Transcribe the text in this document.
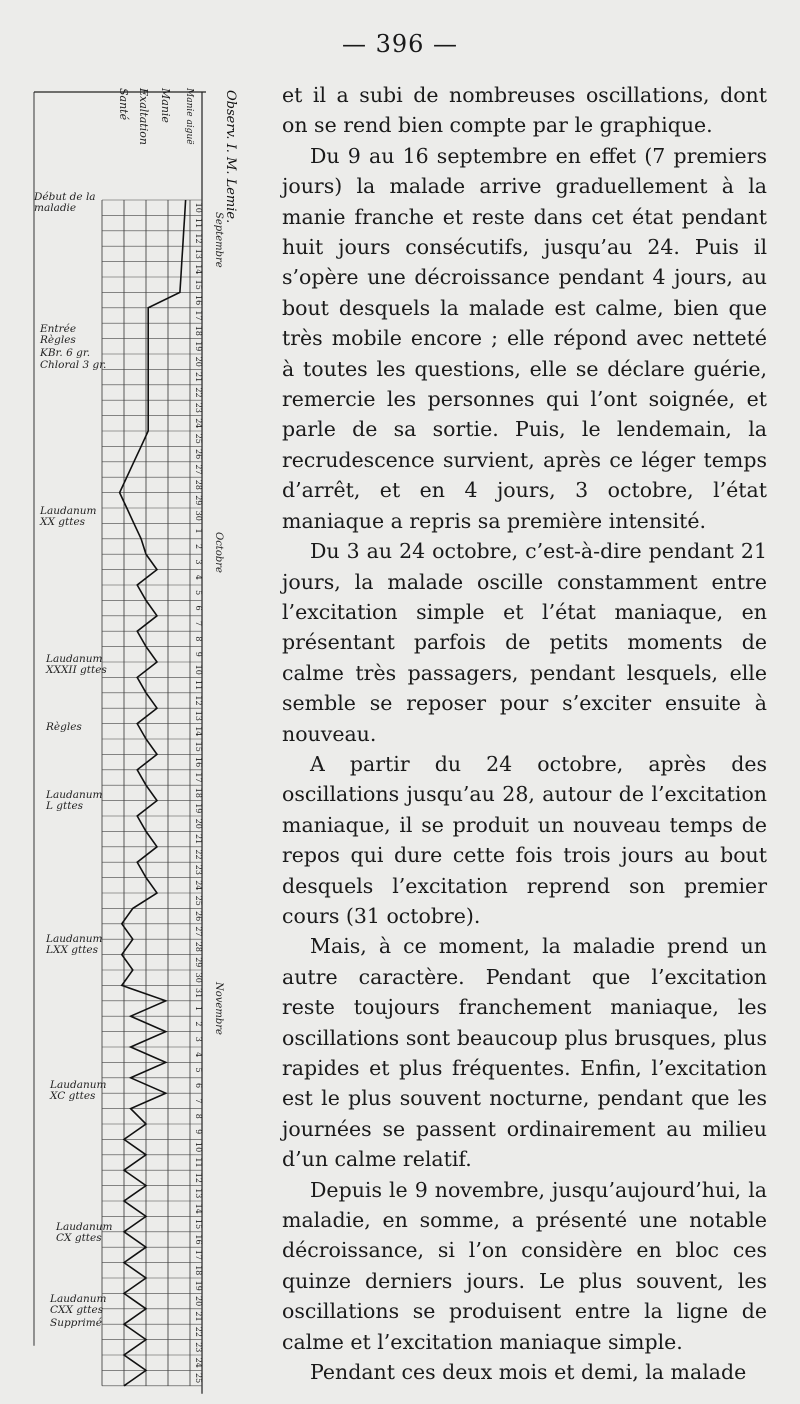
— 396 —

et il a subi de nombreuses oscillations, dont on se rend bien compte par le graphique.

Du 9 au 16 septembre en effet (7 premiers jours) la malade arrive graduellement à la manie franche et reste dans cet état pendant huit jours consécutifs, jusqu’au 24. Puis il s’opère une décroissance pendant 4 jours, au bout desquels la malade est calme, bien que très mobile encore ; elle répond avec netteté à toutes les questions, elle se déclare guérie, remercie les personnes qui l’ont soignée, et parle de sa sortie. Puis, le lendemain, la recrudescence survient, après ce léger temps d’arrêt, et en 4 jours, 3 octobre, l’état maniaque a repris sa première intensité.

Du 3 au 24 octobre, c’est-à-dire pendant 21 jours, la malade oscille constamment entre l’excitation simple et l’état maniaque, en présentant parfois de petits moments de calme très passagers, pendant lesquels, elle semble se reposer pour s’exciter ensuite à nouveau.

A partir du 24 octobre, après des oscillations jusqu’au 28, autour de l’excitation maniaque, il se produit un nouveau temps de repos qui dure cette fois trois jours au bout desquels l’excitation reprend son premier cours (31 octobre).

Mais, à ce moment, la maladie prend un autre caractère. Pendant que l’excitation reste toujours franchement maniaque, les oscillations sont beaucoup plus brusques, plus rapides et plus fréquentes. Enfin, l’excitation est le plus souvent nocturne, pendant que les journées se passent ordinairement au milieu d’un calme relatif.

Depuis le 9 novembre, jusqu’aujourd’hui, la maladie, en somme, a présenté une notable décroissance, si l’on considère en bloc ces quinze derniers jours. Le plus souvent, les oscillations se produisent entre la ligne de calme et l’excitation maniaque simple.

Pendant ces deux mois et demi, la malade

10
11
12
13
14
15
16
17
18
19
20
21
22
23
24
25
26
27
28
29
30
1
2
3
4
5
6
7
8
9
10
11
12
13
14
15
16
17
18
19
20
21
22
23
24
25
26
27
28
29
30
31
1
2
3
4
5
6
7
8
9
10
11
12
13
14
15
16
17
18
19
20
21
22
23
24
25
Observ. I. M. Lemie.
Santé Exaltation Manie Manie aiguë
Septembre
Octobre
Novembre
Début de la
maladie
Entrée
Règles
KBr. 6 gr.
Chloral 3 gr.
Laudanum
XX gttes
Laudanum
XXXII gttes
Règles
Laudanum
L gttes
Laudanum
LXX gttes
Laudanum
XC gttes
Laudanum
CX gttes
Laudanum
CXX gttes
Supprimé
